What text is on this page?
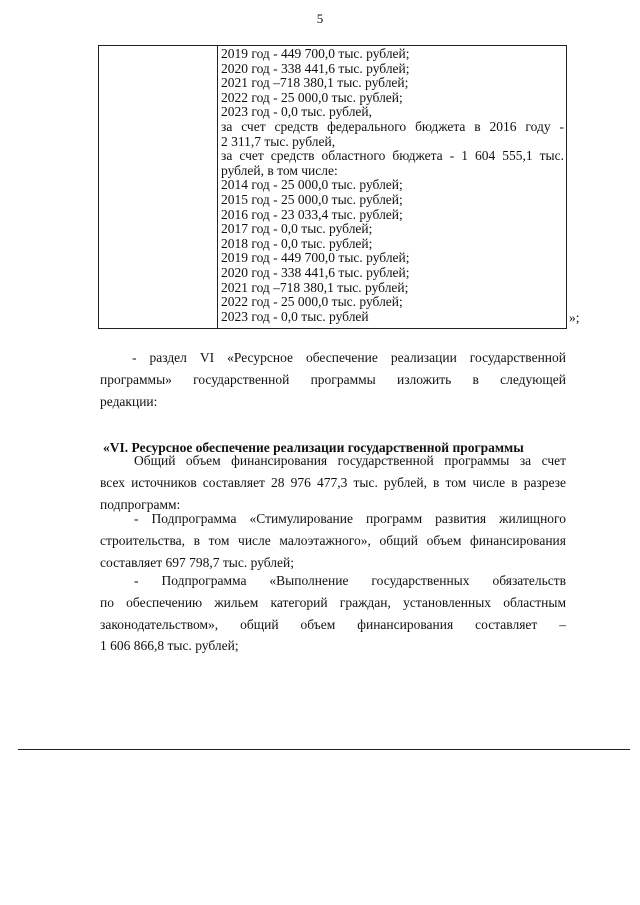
5
2019 год - 449 700,0 тыс. рублей;
2020 год - 338 441,6 тыс. рублей;
2021 год –718 380,1 тыс. рублей;
2022 год - 25 000,0 тыс. рублей;
2023 год - 0,0 тыс. рублей,
за счет средств федерального бюджета в 2016 году -
2 311,7 тыс. рублей,
за счет средств областного бюджета - 1 604 555,1 тыс.
рублей, в том числе:
2014 год - 25 000,0 тыс. рублей;
2015 год - 25 000,0 тыс. рублей;
2016 год - 23 033,4 тыс. рублей;
2017 год - 0,0 тыс. рублей;
2018 год - 0,0 тыс. рублей;
2019 год - 449 700,0 тыс. рублей;
2020 год - 338 441,6 тыс. рублей;
2021 год –718 380,1 тыс. рублей;
2022 год - 25 000,0 тыс. рублей;
2023 год - 0,0 тыс. рублей	»;
- раздел VI «Ресурсное обеспечение реализации государственной
программы» государственной программы изложить в следующей
редакции:
«VI. Ресурсное обеспечение реализации государственной программы
Общий объем финансирования государственной программы за счет
всех источников составляет 28 976 477,3 тыс. рублей, в том числе в разрезе
подпрограмм:
- Подпрограмма «Стимулирование программ развития жилищного
строительства, в том числе малоэтажного», общий объем финансирования
составляет 697 798,7 тыс. рублей;
- Подпрограмма «Выполнение государственных обязательств
по обеспечению жильем категорий граждан, установленных областным
законодательством», общий объем финансирования составляет –
1 606 866,8 тыс. рублей;
